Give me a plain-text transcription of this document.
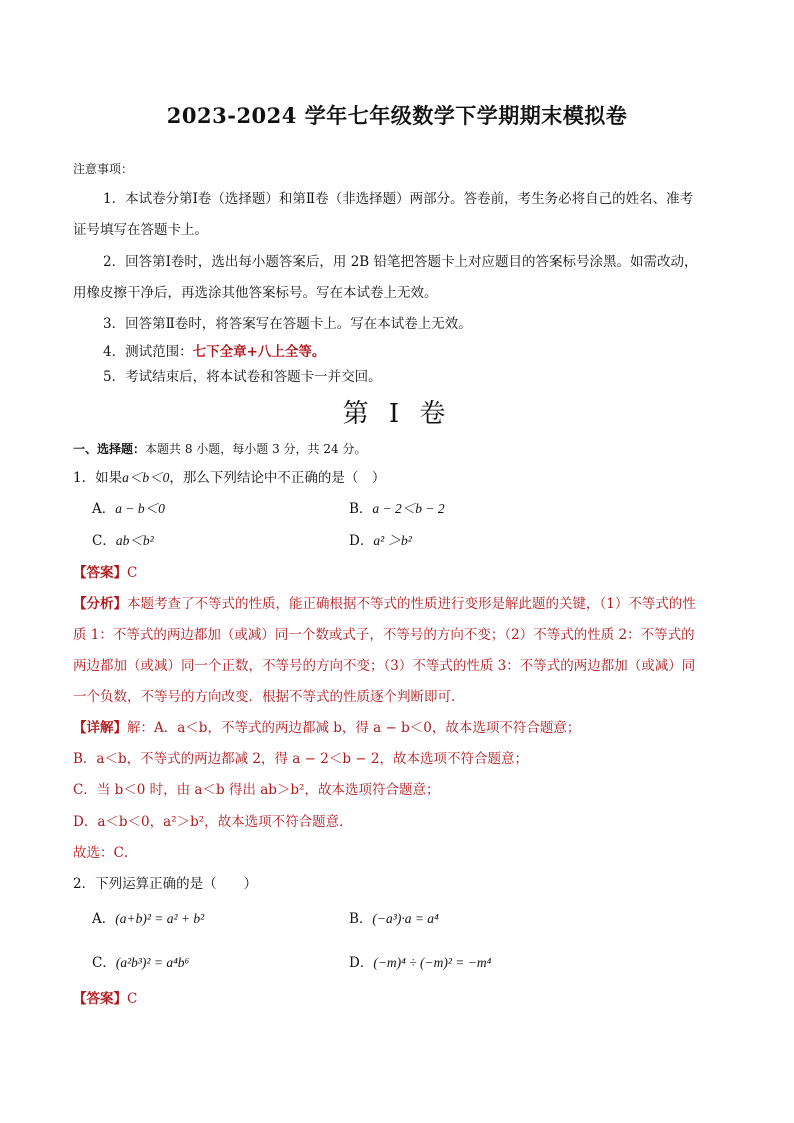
2023-2024 学年七年级数学下学期期末模拟卷
注意事项：
1．本试卷分第Ⅰ卷（选择题）和第Ⅱ卷（非选择题）两部分。答卷前，考生务必将自己的姓名、准考
证号填写在答题卡上。
2．回答第Ⅰ卷时，选出每小题答案后，用 2B 铅笔把答题卡上对应题目的答案标号涂黑。如需改动，
用橡皮擦干净后，再选涂其他答案标号。写在本试卷上无效。
3．回答第Ⅱ卷时，将答案写在答题卡上。写在本试卷上无效。
4．测试范围：七下全章+八上全等。
5．考试结束后，将本试卷和答题卡一并交回。
第 I 卷
一、选择题：本题共 8 小题，每小题 3 分，共 24 分。
1．如果a＜b＜0，那么下列结论中不正确的是（　）
A．a − b＜0	B．a − 2＜b − 2
C．ab＜b²	D．a² ＞b²
【答案】C
【分析】本题考查了不等式的性质，能正确根据不等式的性质进行变形是解此题的关键，（1）不等式的性
质 1：不等式的两边都加（或减）同一个数或式子，不等号的方向不变；（2）不等式的性质 2：不等式的
两边都加（或减）同一个正数，不等号的方向不变；（3）不等式的性质 3：不等式的两边都加（或减）同
一个负数，不等号的方向改变．根据不等式的性质逐个判断即可．
【详解】解：A．a＜b，不等式的两边都减 b，得 a − b＜0，故本选项不符合题意；
B．a＜b，不等式的两边都减 2，得 a − 2＜b − 2，故本选项不符合题意；
C．当 b＜0 时，由 a＜b 得出 ab＞b²，故本选项符合题意；
D．a＜b＜0，a²＞b²，故本选项不符合题意．
故选：C．
2．下列运算正确的是（　　）
A．(a+b)² = a² + b²	B．(−a³)·a = a⁴
C．(a²b³)² = a⁴b⁶	D．(−m)⁴ ÷ (−m)² = −m⁴
【答案】C
